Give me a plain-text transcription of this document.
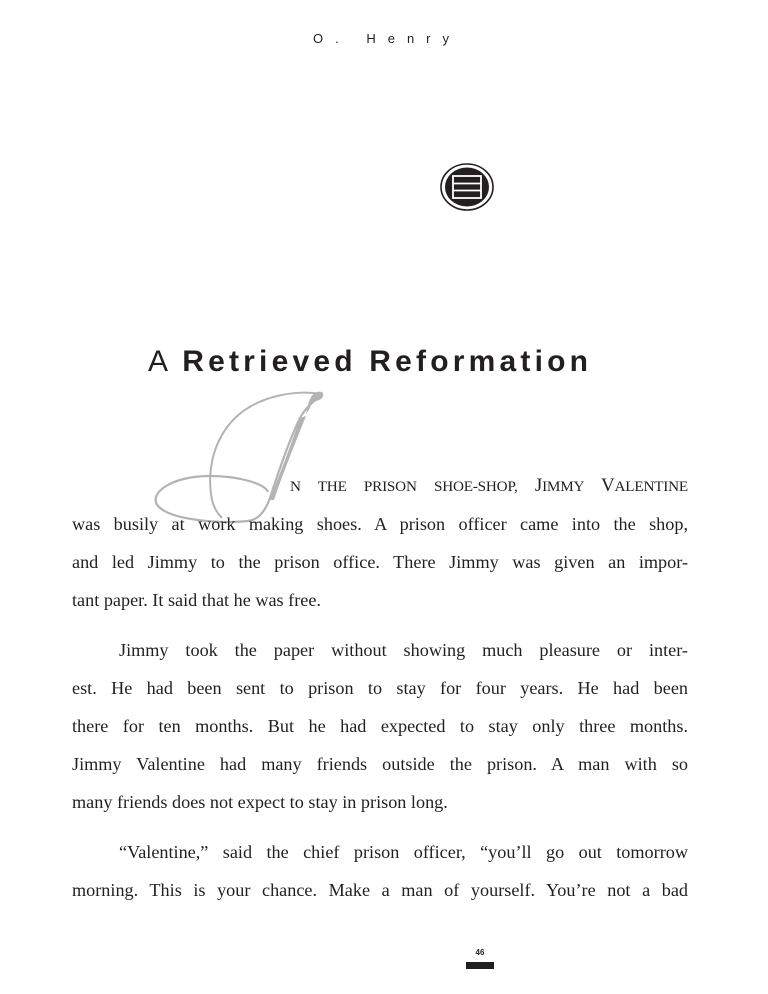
O. Henry
A Retrieved Reformation
N THE PRISON SHOE-SHOP, JIMMY VALENTINE
was busily at work making shoes. A prison officer came into the shop,
and led Jimmy to the prison office. There Jimmy was given an impor-
tant paper. It said that he was free.
Jimmy took the paper without showing much pleasure or inter-
est. He had been sent to prison to stay for four years. He had been
there for ten months. But he had expected to stay only three months.
Jimmy Valentine had many friends outside the prison. A man with so
many friends does not expect to stay in prison long.
“Valentine,” said the chief prison officer, “you’ll go out tomorrow
morning. This is your chance. Make a man of yourself. You’re not a bad
46
